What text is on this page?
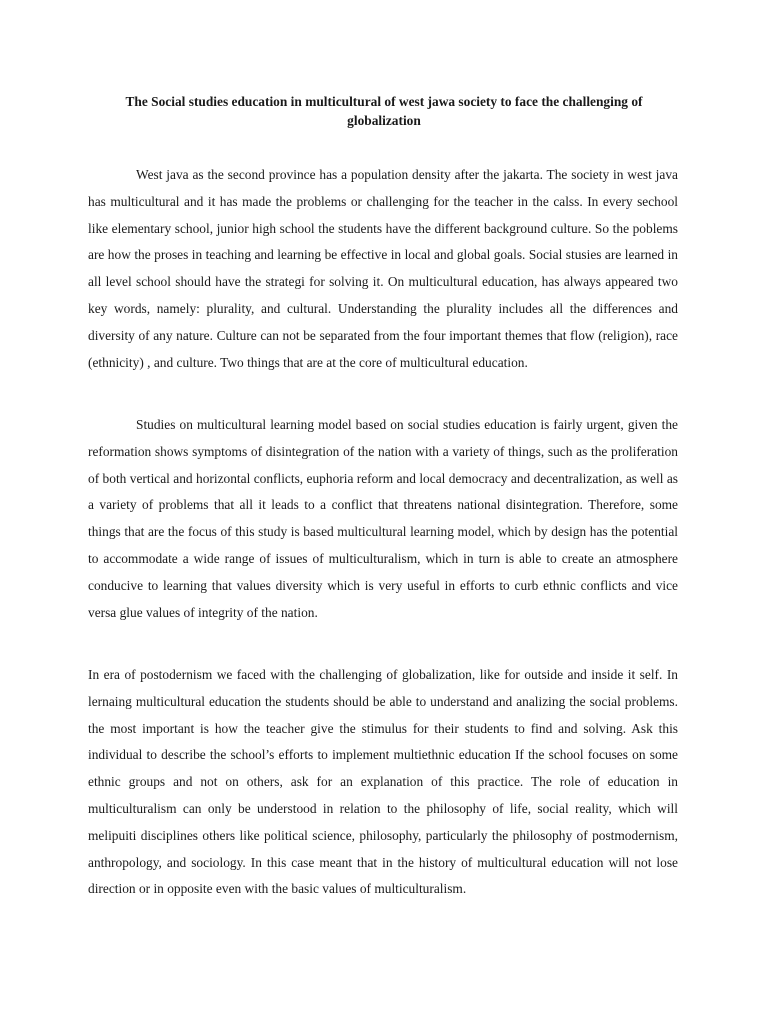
The Social studies education in multicultural of west jawa society to face the challenging of globalization

West java as the second province has a population density after the jakarta. The society in west java has multicultural and it has made the problems or challenging for the teacher in the calss. In every sechool like elementary school, junior high school the students have the different background culture. So the poblems are how the proses in teaching and learning be effective in local and global goals. Social stusies are learned in all level school should have the strategi for solving it. On multicultural education, has always appeared two key words, namely: plurality, and cultural. Understanding the plurality includes all the differences and diversity of any nature. Culture can not be separated from the four important themes that flow (religion), race (ethnicity) , and culture. Two things that are at the core of multicultural education.

Studies on multicultural learning model based on social studies education is fairly urgent, given the reformation shows symptoms of disintegration of the nation with a variety of things, such as the proliferation of both vertical and horizontal conflicts, euphoria reform and local democracy and decentralization, as well as a variety of problems that all it leads to a conflict that threatens national disintegration. Therefore, some things that are the focus of this study is based multicultural learning model, which by design has the potential to accommodate a wide range of issues of multiculturalism, which in turn is able to create an atmosphere conducive to learning that values diversity which is very useful in efforts to curb ethnic conflicts and vice versa glue values of integrity of the nation.

In era of postodernism we faced with the challenging of globalization, like for outside and inside it self. In lernaing multicultural education the students should be able to understand and analizing the social problems. the most important is how the teacher give the stimulus for their students to find and solving. Ask this individual to describe the school’s efforts to implement multiethnic education If the school focuses on some ethnic groups and not on others, ask for an explanation of this practice. The role of education in multiculturalism can only be understood in relation to the philosophy of life, social reality, which will melipuiti disciplines others like political science, philosophy, particularly the philosophy of postmodernism, anthropology, and sociology. In this case meant that in the history of multicultural education will not lose direction or in opposite even with the basic values of multiculturalism.
